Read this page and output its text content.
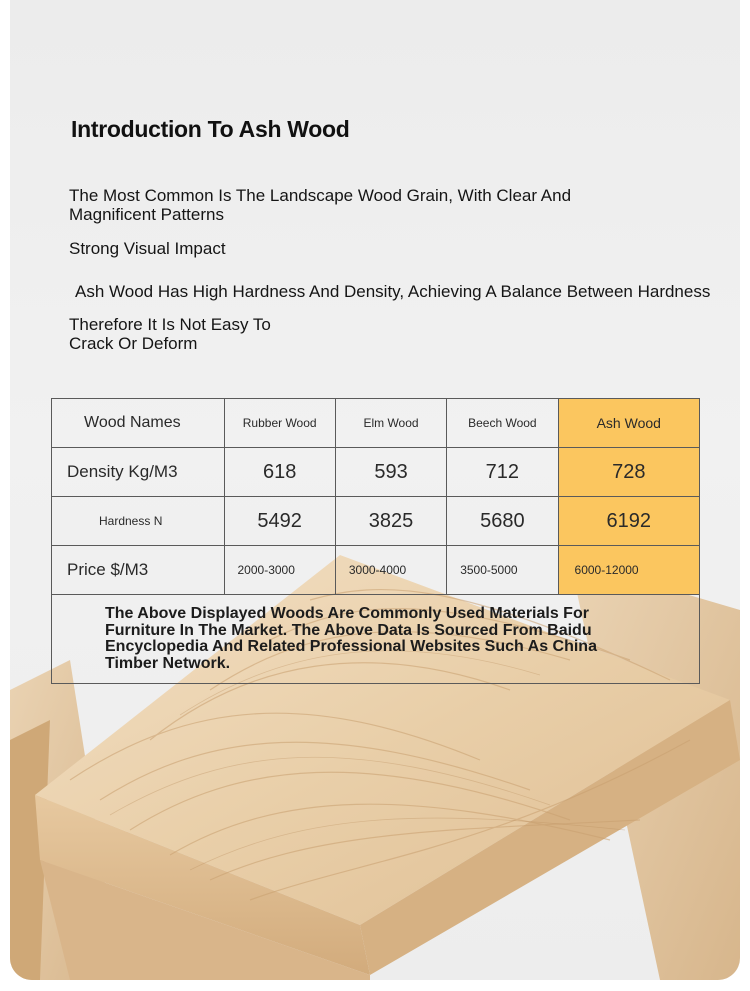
Introduction To Ash Wood
The Most Common Is The Landscape Wood Grain, With Clear And Magnificent Patterns
Strong Visual Impact
Ash Wood Has High Hardness And Density, Achieving A Balance Between Hardness
Therefore It Is Not Easy To Crack Or Deform
Wood Names	Rubber Wood	Elm Wood	Beech Wood	Ash Wood
Density Kg/M3	618	593	712	728
Hardness N	5492	3825	5680	6192
Price $/M3	2000-3000	3000-4000	3500-5000	6000-12000

The Above Displayed Woods Are Commonly Used Materials For Furniture In The Market. The Above Data Is Sourced From Baidu Encyclopedia And Related Professional Websites Such As China Timber Network.				
